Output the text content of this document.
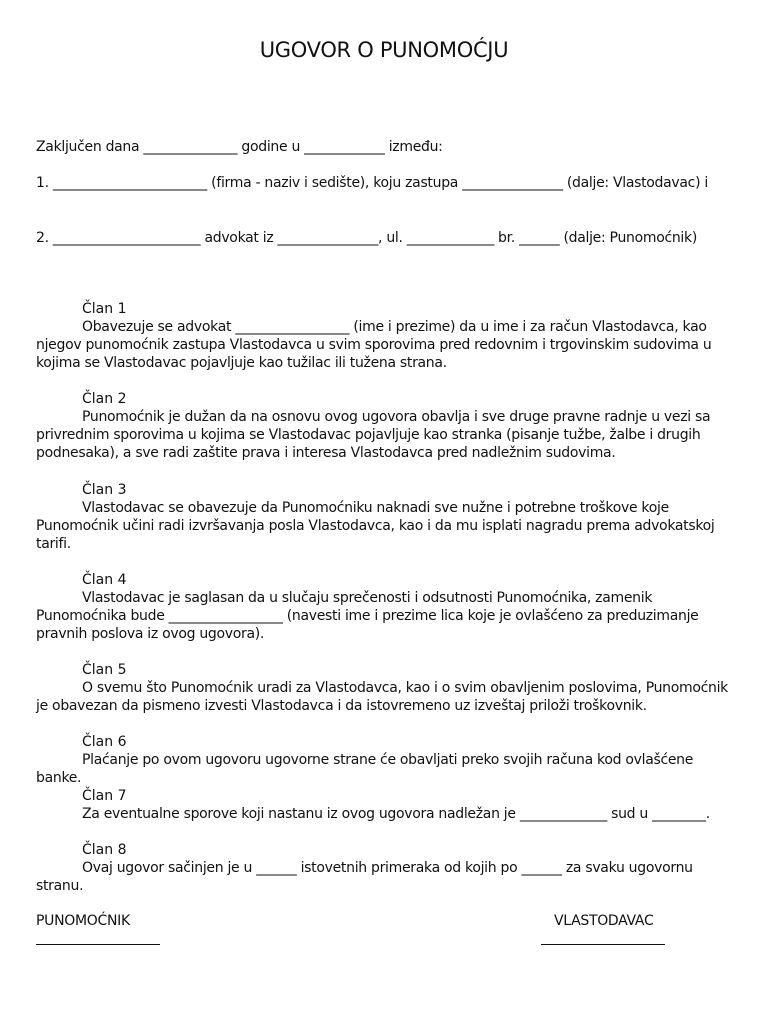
UGOVOR O PUNOMOĆJU
Zaključen dana ______________ godine u ____________ između:
1. _______________________ (firma - naziv i sedište), koju zastupa _______________ (dalje: Vlastodavac) i
2. ______________________ advokat iz _______________, ul. _____________ br. ______ (dalje: Punomoćnik)
Član 1
Obavezuje se advokat _________________ (ime i prezime) da u ime i za račun Vlastodavca, kao njegov punomoćnik zastupa Vlastodavca u svim sporovima pred redovnim i trgovinskim sudovima u kojima se Vlastodavac pojavljuje kao tužilac ili tužena strana.
Član 2
Punomoćnik je dužan da na osnovu ovog ugovora obavlja i sve druge pravne radnje u vezi sa privrednim sporovima u kojima se Vlastodavac pojavljuje kao stranka (pisanje tužbe, žalbe i drugih podnesaka), a sve radi zaštite prava i interesa Vlastodavca pred nadležnim sudovima.
Član 3
Vlastodavac se obavezuje da Punomoćniku naknadi sve nužne i potrebne troškove koje Punomoćnik učini radi izvršavanja posla Vlastodavca, kao i da mu isplati nagradu prema advokatskoj tarifi.
Član 4
Vlastodavac je saglasan da u slučaju sprečenosti i odsutnosti Punomoćnika, zamenik Punomoćnika bude _________________ (navesti ime i prezime lica koje je ovlašćeno za preduzimanje pravnih poslova iz ovog ugovora).
Član 5
O svemu što Punomoćnik uradi za Vlastodavca, kao i o svim obavljenim poslovima, Punomoćnik je obavezan da pismeno izvesti Vlastodavca i da istovremeno uz izveštaj priloži troškovnik.
Član 6
Plaćanje po ovom ugovoru ugovorne strane će obavljati preko svojih računa kod ovlašćene banke.
Član 7
Za eventualne sporove koji nastanu iz ovog ugovora nadležan je _____________ sud u ________.
Član 8
Ovaj ugovor sačinjen je u ______ istovetnih primeraka od kojih po ______ za svaku ugovornu stranu.
PUNOMOĆNIK	VLASTODAVAC
